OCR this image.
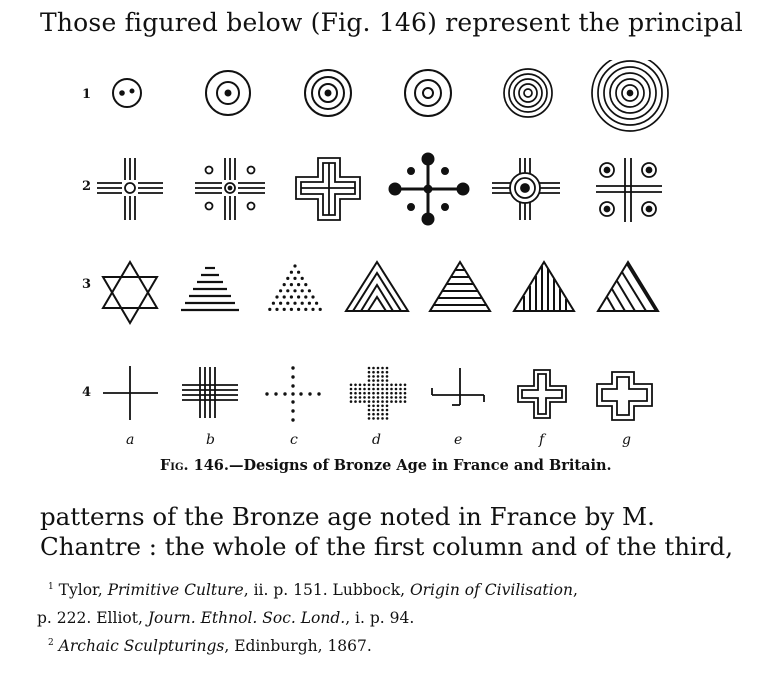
Those figured below (Fig. 146) represent the principal
1
2
3
4
a	b	c	d	e	f	g
Fig. 146.—Designs of Bronze Age in France and Britain.
patterns of the Bronze age noted in France by M.
Chantre : the whole of the first column and of the third,
$^1$ Tylor, Primitive Culture, ii. p. 151. Lubbock, Origin of Civilisation,
p. 222. Elliot, Journ. Ethnol. Soc. Lond., i. p. 94.
$^2$ Archaic Sculpturings, Edinburgh, 1867.
